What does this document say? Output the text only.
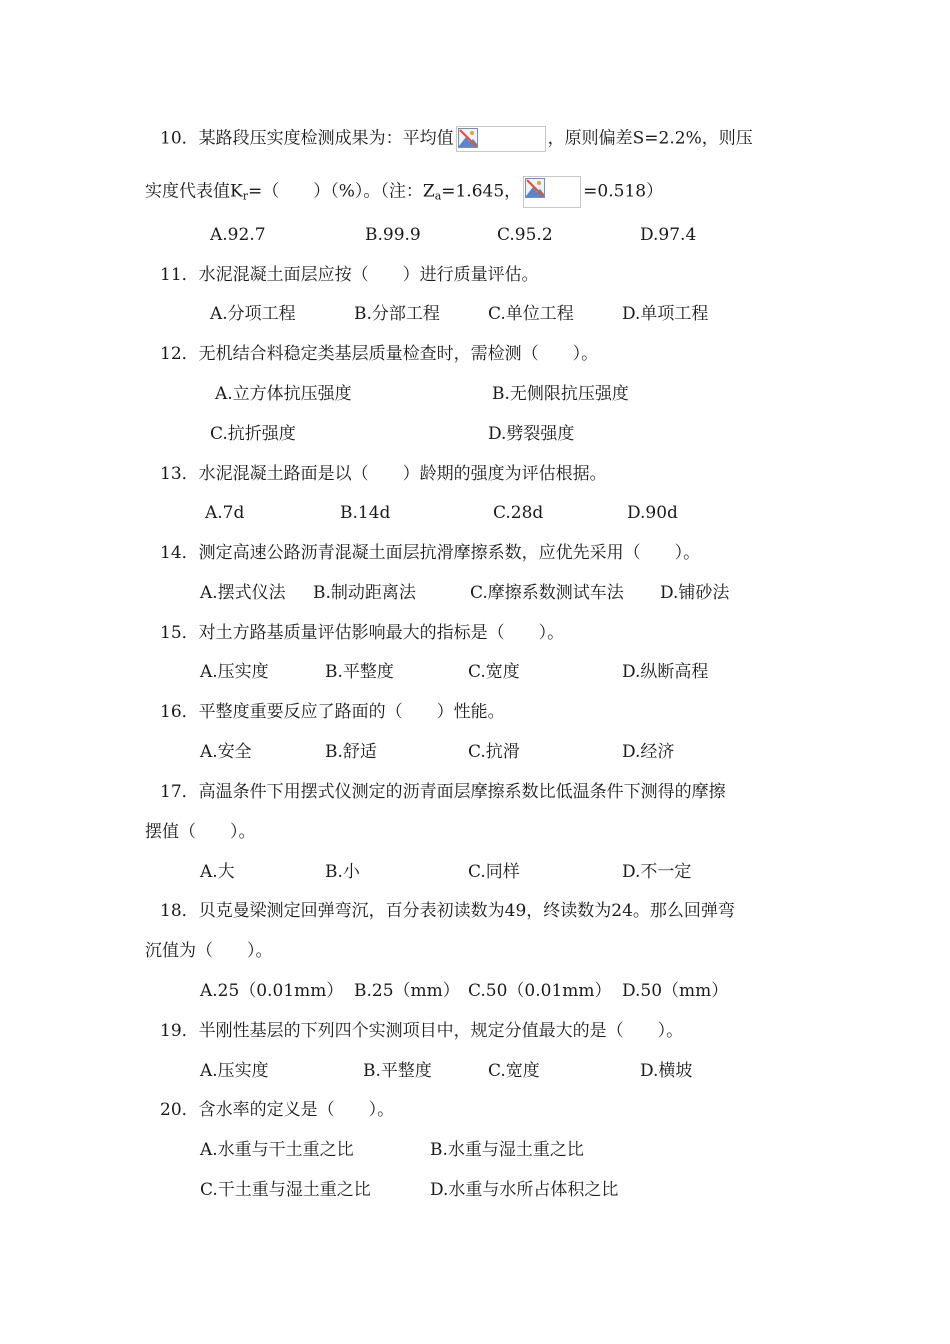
10．某路段压实度检测成果为：平均值	，原则偏差S=2.2%，则压
实度代表值$K_r=$（　　）（%）。（注：$Z_a=1.645$，	=0.518）
A.92.7	B.99.9	C.95.2	D.97.4
11．水泥混凝土面层应按（　　）进行质量评估。
A.分项工程	B.分部工程	C.单位工程	D.单项工程
12．无机结合料稳定类基层质量检查时，需检测（　　）。
A.立方体抗压强度	B.无侧限抗压强度
C.抗折强度	D.劈裂强度
13．水泥混凝土路面是以（　　）龄期的强度为评估根据。
A.7d	B.14d	C.28d	D.90d
14．测定高速公路沥青混凝土面层抗滑摩擦系数，应优先采用（　　）。
A.摆式仪法 B.制动距离法	C.摩擦系数测试车法 D.铺砂法
15．对土方路基质量评估影响最大的指标是（　　）。
A.压实度	B.平整度	C.宽度	D.纵断高程
16．平整度重要反应了路面的（　　）性能。
A.安全	B.舒适	C.抗滑	D.经济
17．高温条件下用摆式仪测定的沥青面层摩擦系数比低温条件下测得的摩擦
摆值（　　）。
A.大	B.小	C.同样	D.不一定
18．贝克曼梁测定回弹弯沉，百分表初读数为49，终读数为24。那么回弹弯
沉值为（　　）。
A.25（0.01mm） B.25（mm） C.50（0.01mm） D.50（mm）
19．半刚性基层的下列四个实测项目中，规定分值最大的是（　　）。
A.压实度	B.平整度	C.宽度	D.横坡
20．含水率的定义是（　　）。
A.水重与干土重之比	B.水重与湿土重之比
C.干土重与湿土重之比	D.水重与水所占体积之比
